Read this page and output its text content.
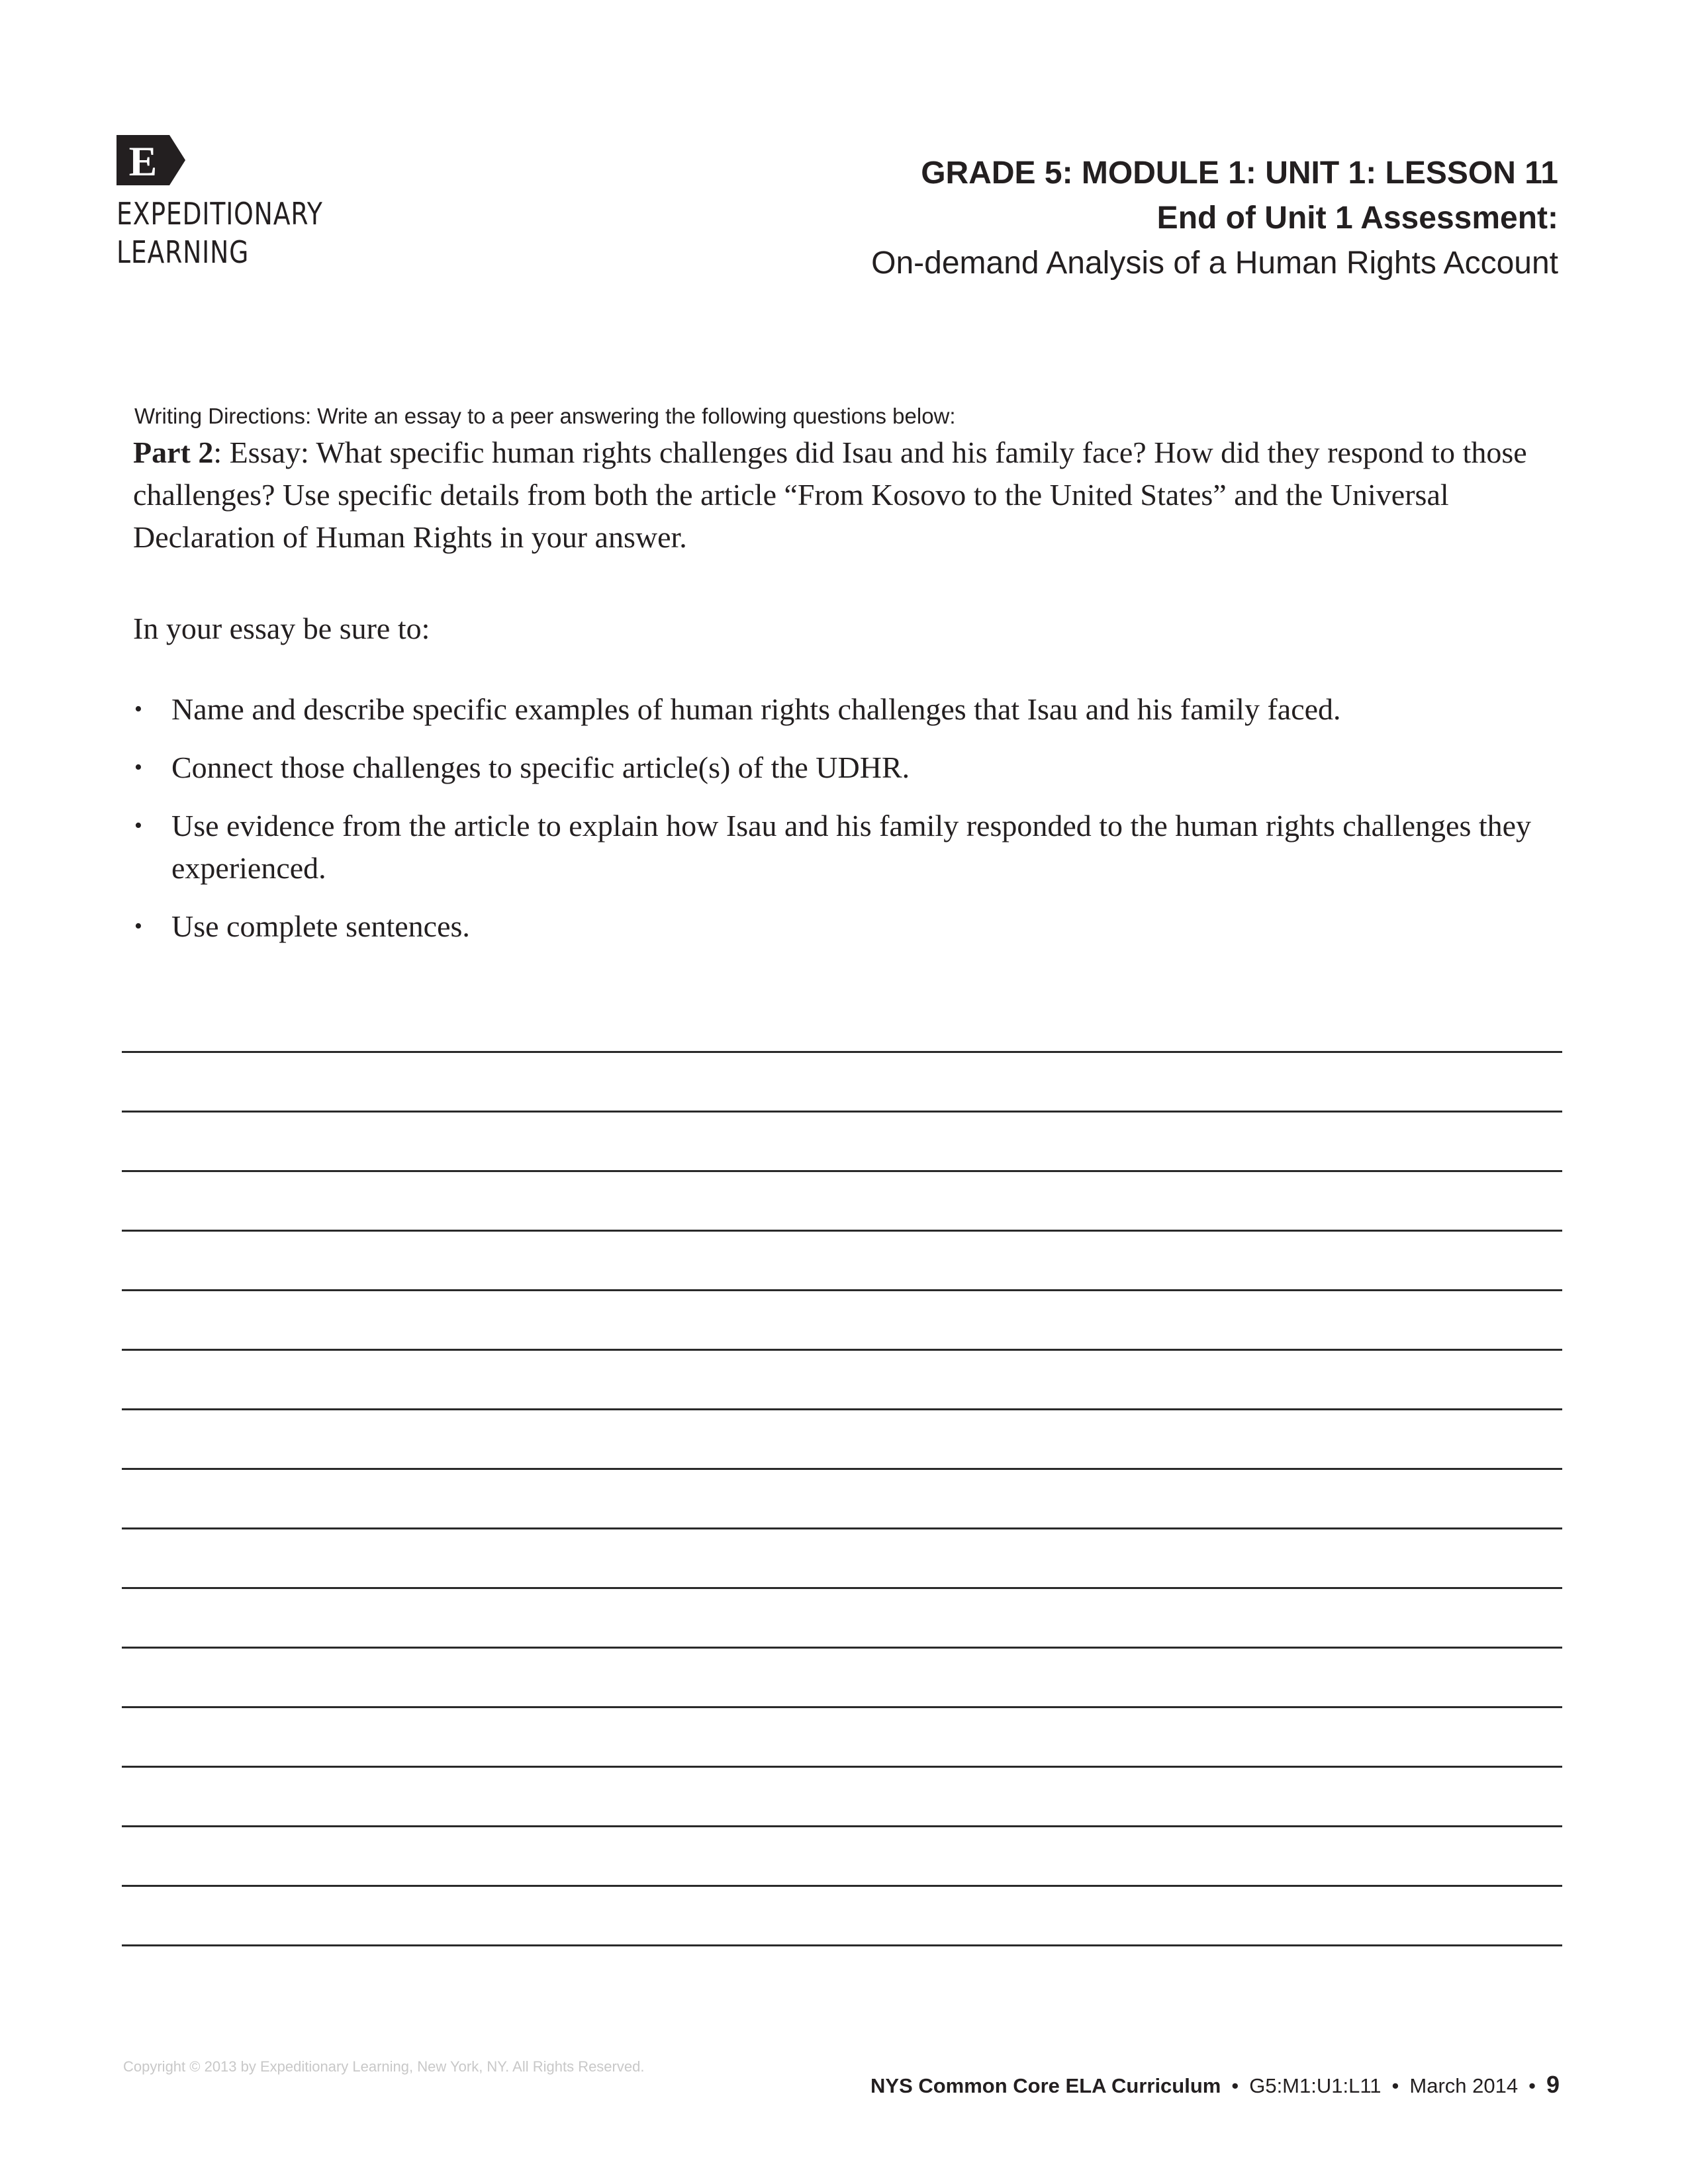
E
EXPEDITIONARY
LEARNING
GRADE 5: MODULE 1: UNIT 1: LESSON 11
End of Unit 1 Assessment:
On-demand Analysis of a Human Rights Account
Writing Directions: Write an essay to a peer answering the following questions below:
Part 2: Essay: What specific human rights challenges did Isau and his family face? How did they respond to those challenges? Use specific details from both the article “From Kosovo to the United States” and the Universal Declaration of Human Rights in your answer.
In your essay be sure to:
• Name and describe specific examples of human rights challenges that Isau and his family faced.
• Connect those challenges to specific article(s) of the UDHR.
• Use evidence from the article to explain how Isau and his family responded to the human rights challenges they experienced.
• Use complete sentences.
Copyright © 2013 by Expeditionary Learning, New York, NY. All Rights Reserved.
NYS Common Core ELA Curriculum • G5:M1:U1:L11 • March 2014 • 9
